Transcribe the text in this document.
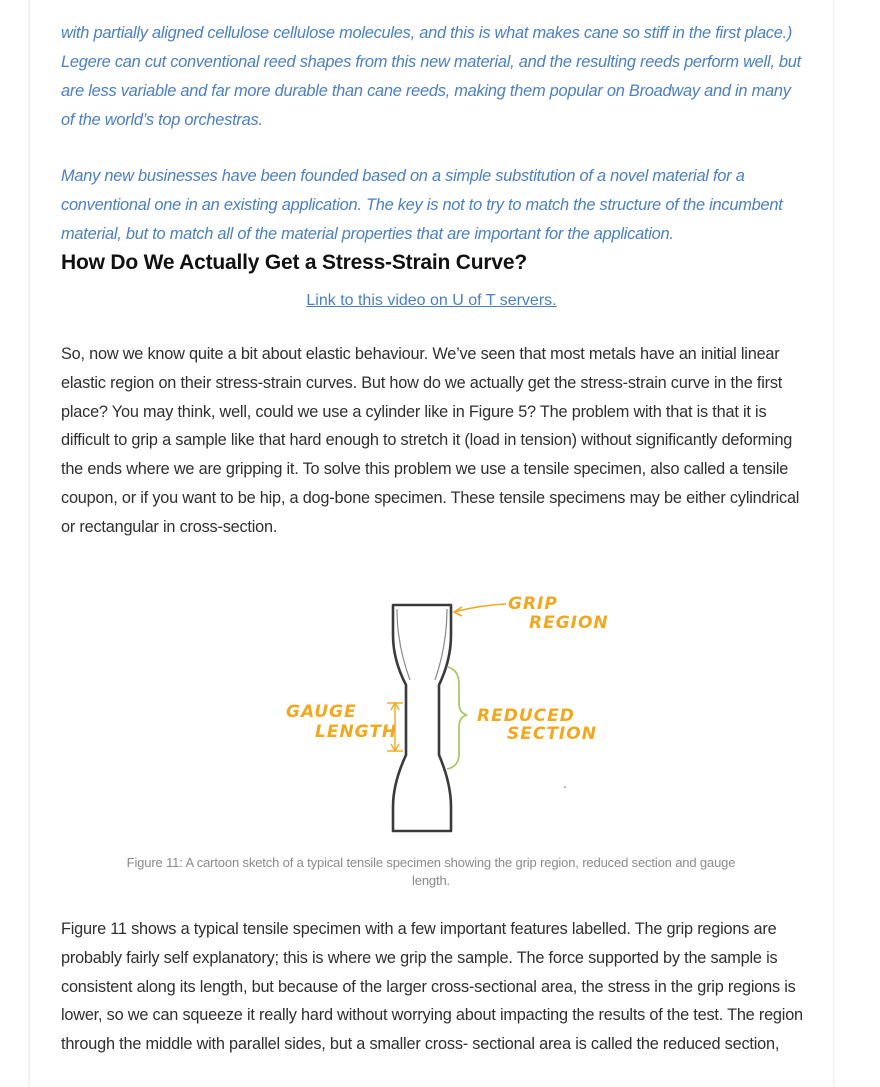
with partially aligned cellulose cellulose molecules, and this is what makes cane so stiff in the first place.) Legere can cut conventional reed shapes from this new material, and the resulting reeds perform well, but are less variable and far more durable than cane reeds, making them popular on Broadway and in many of the world’s top orchestras.

Many new businesses have been founded based on a simple substitution of a novel material for a conventional one in an existing application. The key is not to try to match the structure of the incumbent material, but to match all of the material properties that are important for the application.

How Do We Actually Get a Stress-Strain Curve?
Link to this video on U of T servers.

So, now we know quite a bit about elastic behaviour. We’ve seen that most metals have an initial linear elastic region on their stress-strain curves. But how do we actually get the stress-strain curve in the first place? You may think, well, could we use a cylinder like in Figure 5? The problem with that is that it is difficult to grip a sample like that hard enough to stretch it (load in tension) without significantly deforming the ends where we are gripping it. To solve this problem we use a tensile specimen, also called a tensile coupon, or if you want to be hip, a dog-bone specimen. These tensile specimens may be either cylindrical or rectangular in cross-section.

GRIP
REGION
GAUGE
LENGTH
REDUCED
SECTION
Figure 11: A cartoon sketch of a typical tensile specimen showing the grip region, reduced section and gauge length.

Figure 11 shows a typical tensile specimen with a few important features labelled. The grip regions are probably fairly self explanatory; this is where we grip the sample. The force supported by the sample is consistent along its length, but because of the larger cross-sectional area, the stress in the grip regions is lower, so we can squeeze it really hard without worrying about impacting the results of the test. The region through the middle with parallel sides, but a smaller cross- sectional area is called the reduced section,
